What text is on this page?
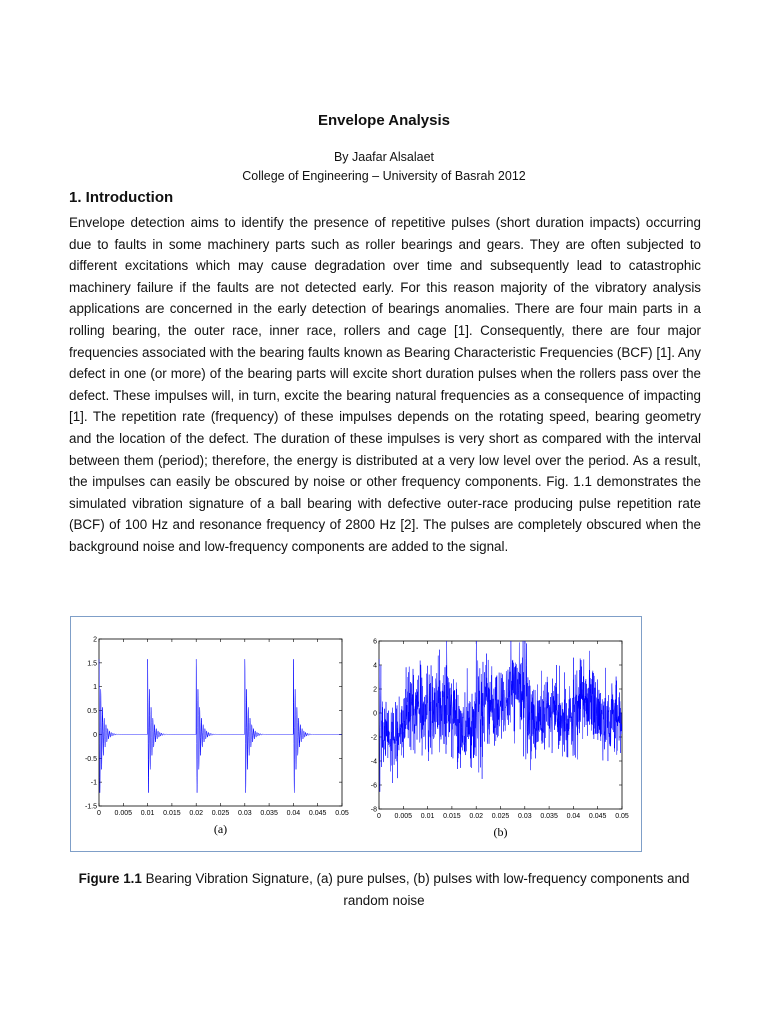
Envelope Analysis
By Jaafar Alsalaet
College of Engineering – University of Basrah 2012
1. Introduction
Envelope detection aims to identify the presence of repetitive pulses (short duration impacts) occurring due to faults in some machinery parts such as roller bearings and gears. They are often subjected to different excitations which may cause degradation over time and subsequently lead to catastrophic machinery failure if the faults are not detected early. For this reason majority of the vibratory analysis applications are concerned in the early detection of bearings anomalies. There are four main parts in a rolling bearing, the outer race, inner race, rollers and cage [1]. Consequently, there are four major frequencies associated with the bearing faults known as Bearing Characteristic Frequencies (BCF) [1]. Any defect in one (or more) of the bearing parts will excite short duration pulses when the rollers pass over the defect. These impulses will, in turn, excite the bearing natural frequencies as a consequence of impacting [1]. The repetition rate (frequency) of these impulses depends on the rotating speed, bearing geometry and the location of the defect. The duration of these impulses is very short as compared with the interval between them (period); therefore, the energy is distributed at a very low level over the period. As a result, the impulses can easily be obscured by noise or other frequency components. Fig. 1.1 demonstrates the simulated vibration signature of a ball bearing with defective outer-race producing pulse repetition rate (BCF) of 100 Hz and resonance frequency of 2800 Hz [2]. The pulses are completely obscured when the background noise and low-frequency components are added to the signal.
0 0.005 0.01 0.015 0.02 0.025 0.03 0.035 0.04 0.045 0.05
2
1.5
1
0.5
0
-0.5
-1
-1.5
(a)
0 0.005 0.01 0.015 0.02 0.025 0.03 0.035 0.04 0.045 0.05
6
4
2
0
-2
-4
-6
-8
(b)
Figure 1.1 Bearing Vibration Signature, (a) pure pulses, (b) pulses with low-frequency components and random noise
